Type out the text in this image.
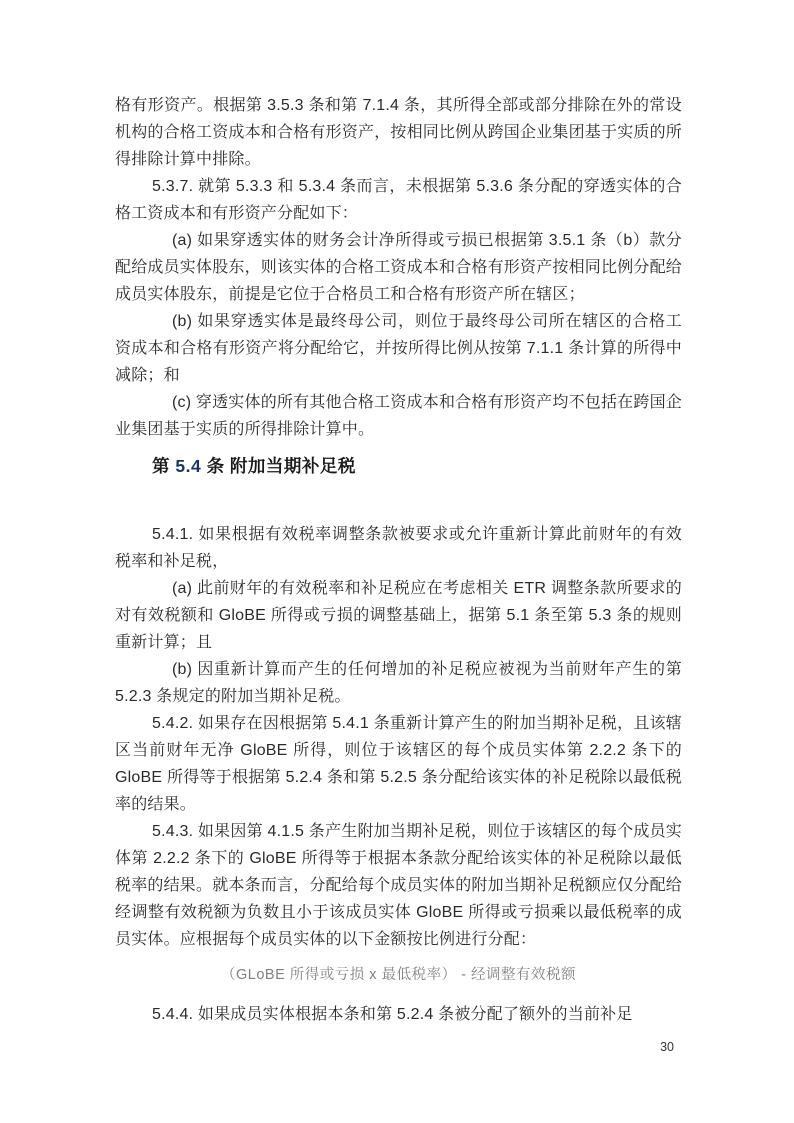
格有形资产。根据第 3.5.3 条和第 7.1.4 条，其所得全部或部分排除在外的常设机构的合格工资成本和合格有形资产，按相同比例从跨国企业集团基于实质的所得排除计算中排除。

5.3.7. 就第 5.3.3 和 5.3.4 条而言，未根据第 5.3.6 条分配的穿透实体的合格工资成本和有形资产分配如下：

(a) 如果穿透实体的财务会计净所得或亏损已根据第 3.5.1 条（b）款分配给成员实体股东，则该实体的合格工资成本和合格有形资产按相同比例分配给成员实体股东，前提是它位于合格员工和合格有形资产所在辖区；

(b) 如果穿透实体是最终母公司，则位于最终母公司所在辖区的合格工资成本和合格有形资产将分配给它，并按所得比例从按第 7.1.1 条计算的所得中减除；和

(c) 穿透实体的所有其他合格工资成本和合格有形资产均不包括在跨国企业集团基于实质的所得排除计算中。

第 5.4 条 附加当期补足税

5.4.1. 如果根据有效税率调整条款被要求或允许重新计算此前财年的有效税率和补足税，

(a) 此前财年的有效税率和补足税应在考虑相关 ETR 调整条款所要求的对有效税额和 GloBE 所得或亏损的调整基础上，据第 5.1 条至第 5.3 条的规则重新计算；且

(b) 因重新计算而产生的任何增加的补足税应被视为当前财年产生的第 5.2.3 条规定的附加当期补足税。

5.4.2. 如果存在因根据第 5.4.1 条重新计算产生的附加当期补足税，且该辖区当前财年无净 GloBE 所得，则位于该辖区的每个成员实体第 2.2.2 条下的 GloBE 所得等于根据第 5.2.4 条和第 5.2.5 条分配给该实体的补足税除以最低税率的结果。

5.4.3. 如果因第 4.1.5 条产生附加当期补足税，则位于该辖区的每个成员实体第 2.2.2 条下的 GloBE 所得等于根据本条款分配给该实体的补足税除以最低税率的结果。就本条而言，分配给每个成员实体的附加当期补足税额应仅分配给经调整有效税额为负数且小于该成员实体 GloBE 所得或亏损乘以最低税率的成员实体。应根据每个成员实体的以下金额按比例进行分配：

（GLoBE 所得或亏损 x 最低税率） - 经调整有效税额

5.4.4. 如果成员实体根据本条和第 5.2.4 条被分配了额外的当前补足

30
